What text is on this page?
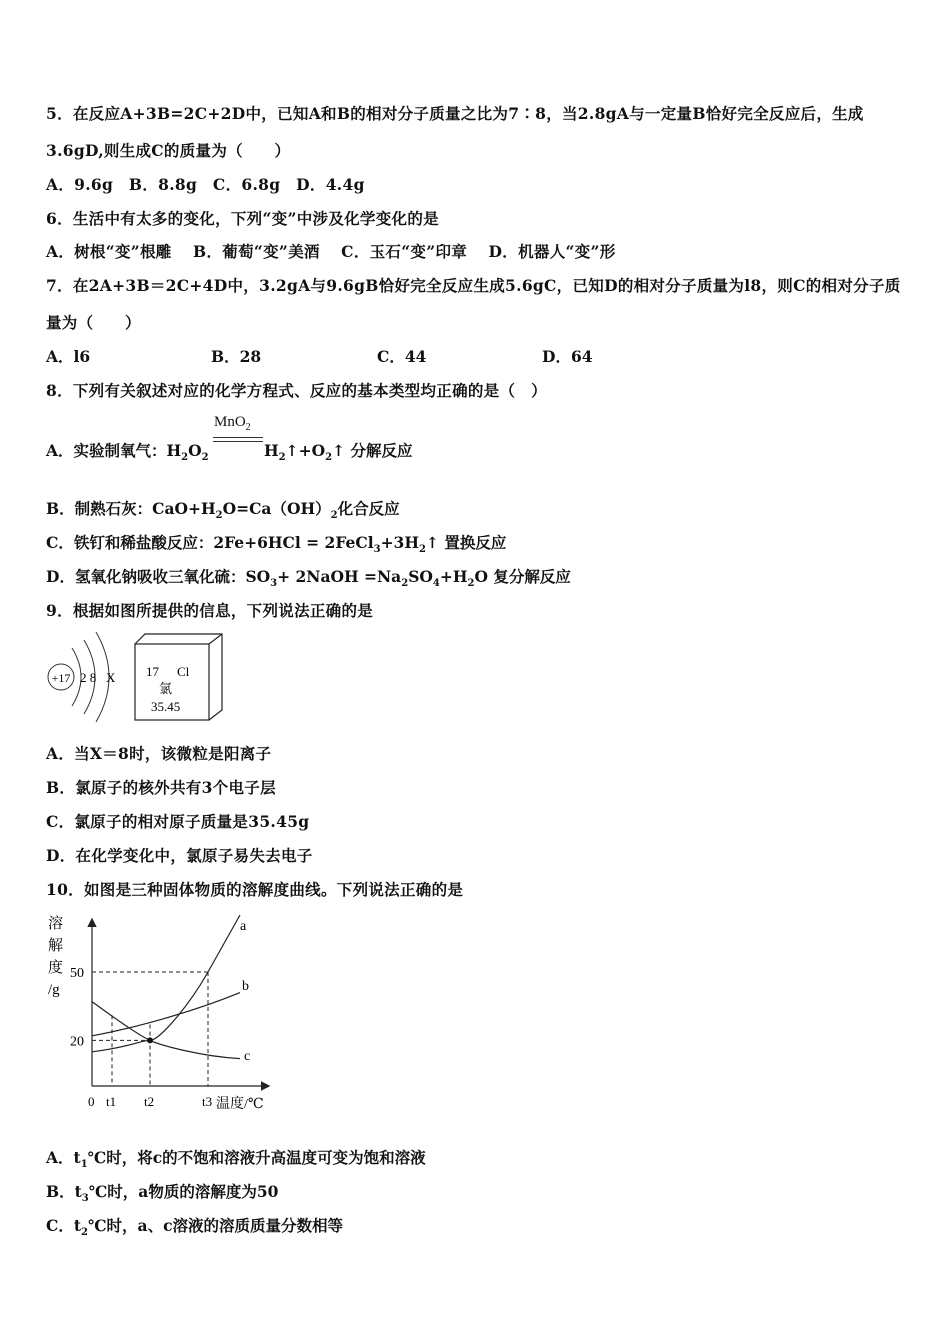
5．在反应A+3B=2C+2D中，已知A和B的相对分子质量之比为7∶8，当2.8gA与一定量B恰好完全反应后，生成
3.6gD,则生成C的质量为（　　）
A．9.6g　B．8.8g　C．6.8g　D．4.4g
6．生活中有太多的变化，下列“变”中涉及化学变化的是
A．树根“变”根雕　 B．葡萄“变”美酒　 C．玉石“变”印章　 D．机器人“变”形
7．在2A+3B＝2C+4D中，3.2gA与9.6gB恰好完全反应生成5.6gC，已知D的相对分子质量为l8，则C的相对分子质
量为（　　）
A．l6	B．28	C．44	D．64
8．下列有关叙述对应的化学方程式、反应的基本类型均正确的是（　）
MnO$_2$
A．实验制氧气：$H_2O_2$	$H_2↑+O_2↑$ 分解反应
B．制熟石灰：$CaO+H_2O=Ca(OH)_2$化合反应
C．铁钉和稀盐酸反应：$2Fe+6HCl = 2FeCl_3+3H_2↑$ 置换反应
D．氢氧化钠吸收三氧化硫：$SO_3+$ 2NaOH $=Na_2SO_4+H_2O$ 复分解反应
9．根据如图所提供的信息，下列说法正确的是
+17 2 8 X 17 Cl
氯
35.45
A．当X＝8时，该微粒是阳离子
B．氯原子的核外共有3个电子层
C．氯原子的相对原子质量是35.45g
D．在化学变化中，氯原子易失去电子
10．如图是三种固体物质的溶解度曲线。下列说法正确的是
溶
解
度
/g
a
b
c
20
50
t1 t2	t3 温度/℃
0
A．$t_1℃$时，将c的不饱和溶液升高温度可变为饱和溶液
B．$t_3℃$时，a物质的溶解度为50
C．$t_2℃$时，a、c溶液的溶质质量分数相等
